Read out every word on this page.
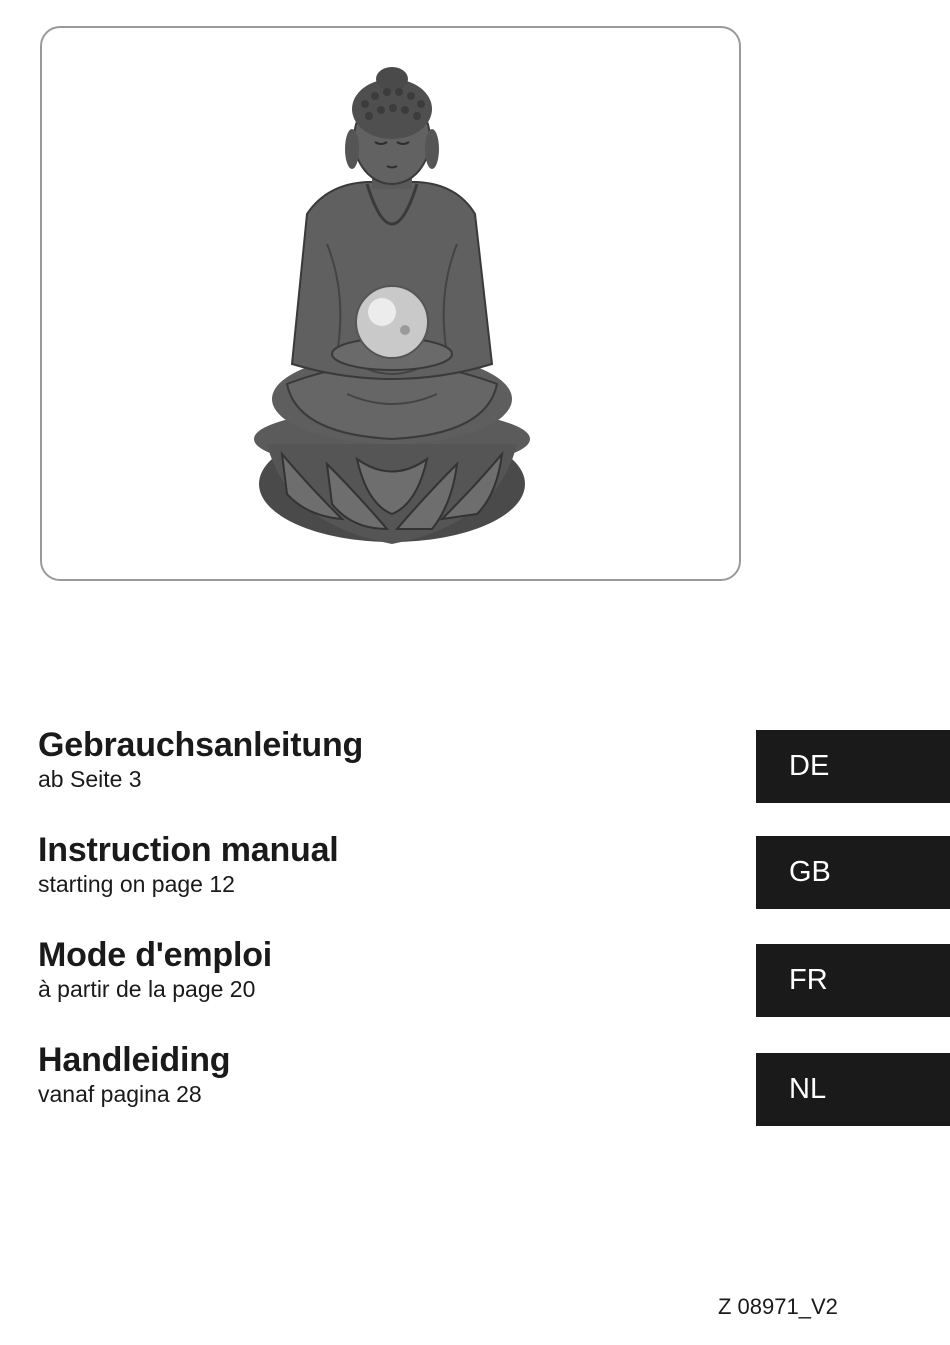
Gebrauchsanleitung
ab Seite 3	DE
Instruction manual
starting on page 12	GB
Mode d'emploi
à partir de la page 20	FR
Handleiding
vanaf pagina 28	NL
Z 08971_V2
